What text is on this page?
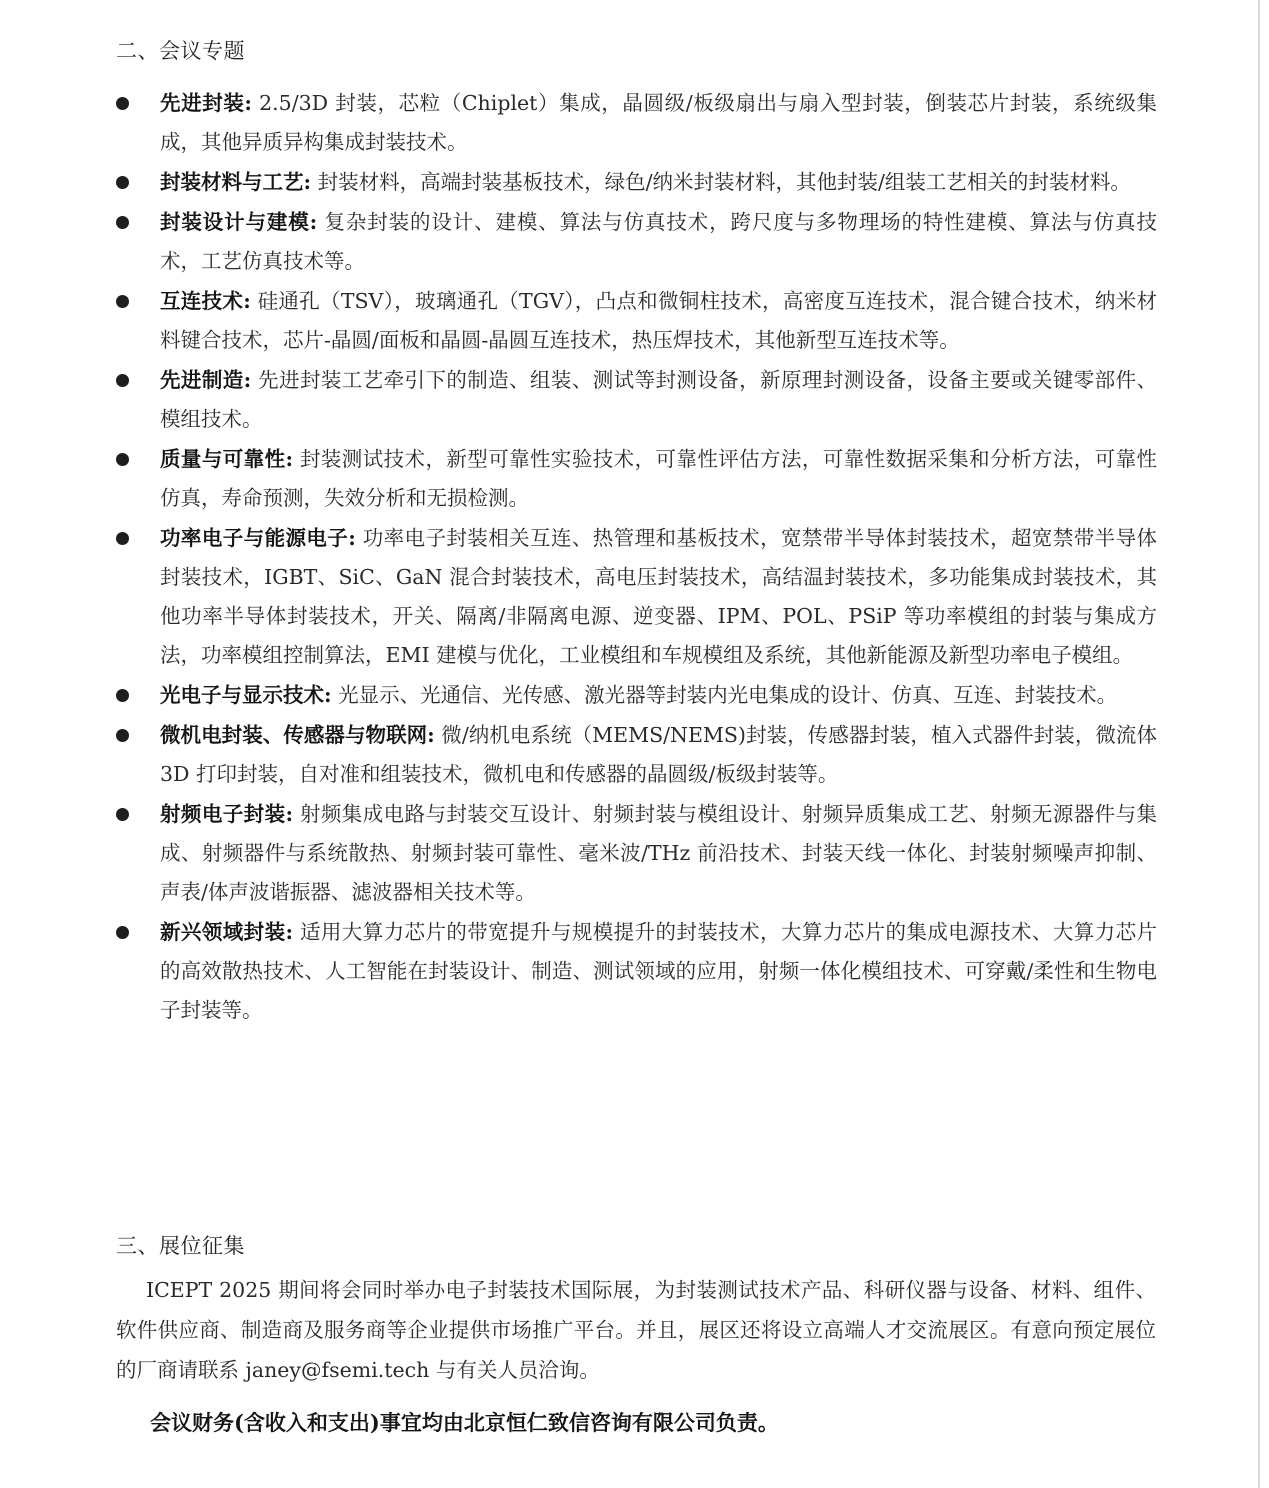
二、会议专题
先进封装: 2.5/3D 封装，芯粒（Chiplet）集成，晶圆级/板级扇出与扇入型封装，倒装芯片封装，系统级集成，其他异质异构集成封装技术。
封装材料与工艺: 封装材料，高端封装基板技术，绿色/纳米封装材料，其他封装/组装工艺相关的封装材料。
封装设计与建模: 复杂封装的设计、建模、算法与仿真技术，跨尺度与多物理场的特性建模、算法与仿真技术，工艺仿真技术等。
互连技术: 硅通孔（TSV），玻璃通孔（TGV），凸点和微铜柱技术，高密度互连技术，混合键合技术，纳米材料键合技术，芯片-晶圆/面板和晶圆-晶圆互连技术，热压焊技术，其他新型互连技术等。
先进制造: 先进封装工艺牵引下的制造、组装、测试等封测设备，新原理封测设备，设备主要或关键零部件、模组技术。
质量与可靠性: 封装测试技术，新型可靠性实验技术，可靠性评估方法，可靠性数据采集和分析方法，可靠性仿真，寿命预测，失效分析和无损检测。
功率电子与能源电子: 功率电子封装相关互连、热管理和基板技术，宽禁带半导体封装技术，超宽禁带半导体封装技术，IGBT、SiC、GaN 混合封装技术，高电压封装技术，高结温封装技术，多功能集成封装技术，其他功率半导体封装技术，开关、隔离/非隔离电源、逆变器、IPM、POL、PSiP 等功率模组的封装与集成方法，功率模组控制算法，EMI 建模与优化，工业模组和车规模组及系统，其他新能源及新型功率电子模组。
光电子与显示技术: 光显示、光通信、光传感、激光器等封装内光电集成的设计、仿真、互连、封装技术。
微机电封装、传感器与物联网: 微/纳机电系统（MEMS/NEMS)封装，传感器封装，植入式器件封装，微流体 3D 打印封装，自对准和组装技术，微机电和传感器的晶圆级/板级封装等。
射频电子封装: 射频集成电路与封装交互设计、射频封装与模组设计、射频异质集成工艺、射频无源器件与集成、射频器件与系统散热、射频封装可靠性、毫米波/THz 前沿技术、封装天线一体化、封装射频噪声抑制、声表/体声波谐振器、滤波器相关技术等。
新兴领域封装: 适用大算力芯片的带宽提升与规模提升的封装技术，大算力芯片的集成电源技术、大算力芯片的高效散热技术、人工智能在封装设计、制造、测试领域的应用，射频一体化模组技术、可穿戴/柔性和生物电子封装等。
三、展位征集

ICEPT 2025 期间将会同时举办电子封装技术国际展，为封装测试技术产品、科研仪器与设备、材料、组件、软件供应商、制造商及服务商等企业提供市场推广平台。并且，展区还将设立高端人才交流展区。有意向预定展位的厂商请联系 janey@fsemi.tech 与有关人员洽询。

会议财务(含收入和支出)事宜均由北京恒仁致信咨询有限公司负责。
